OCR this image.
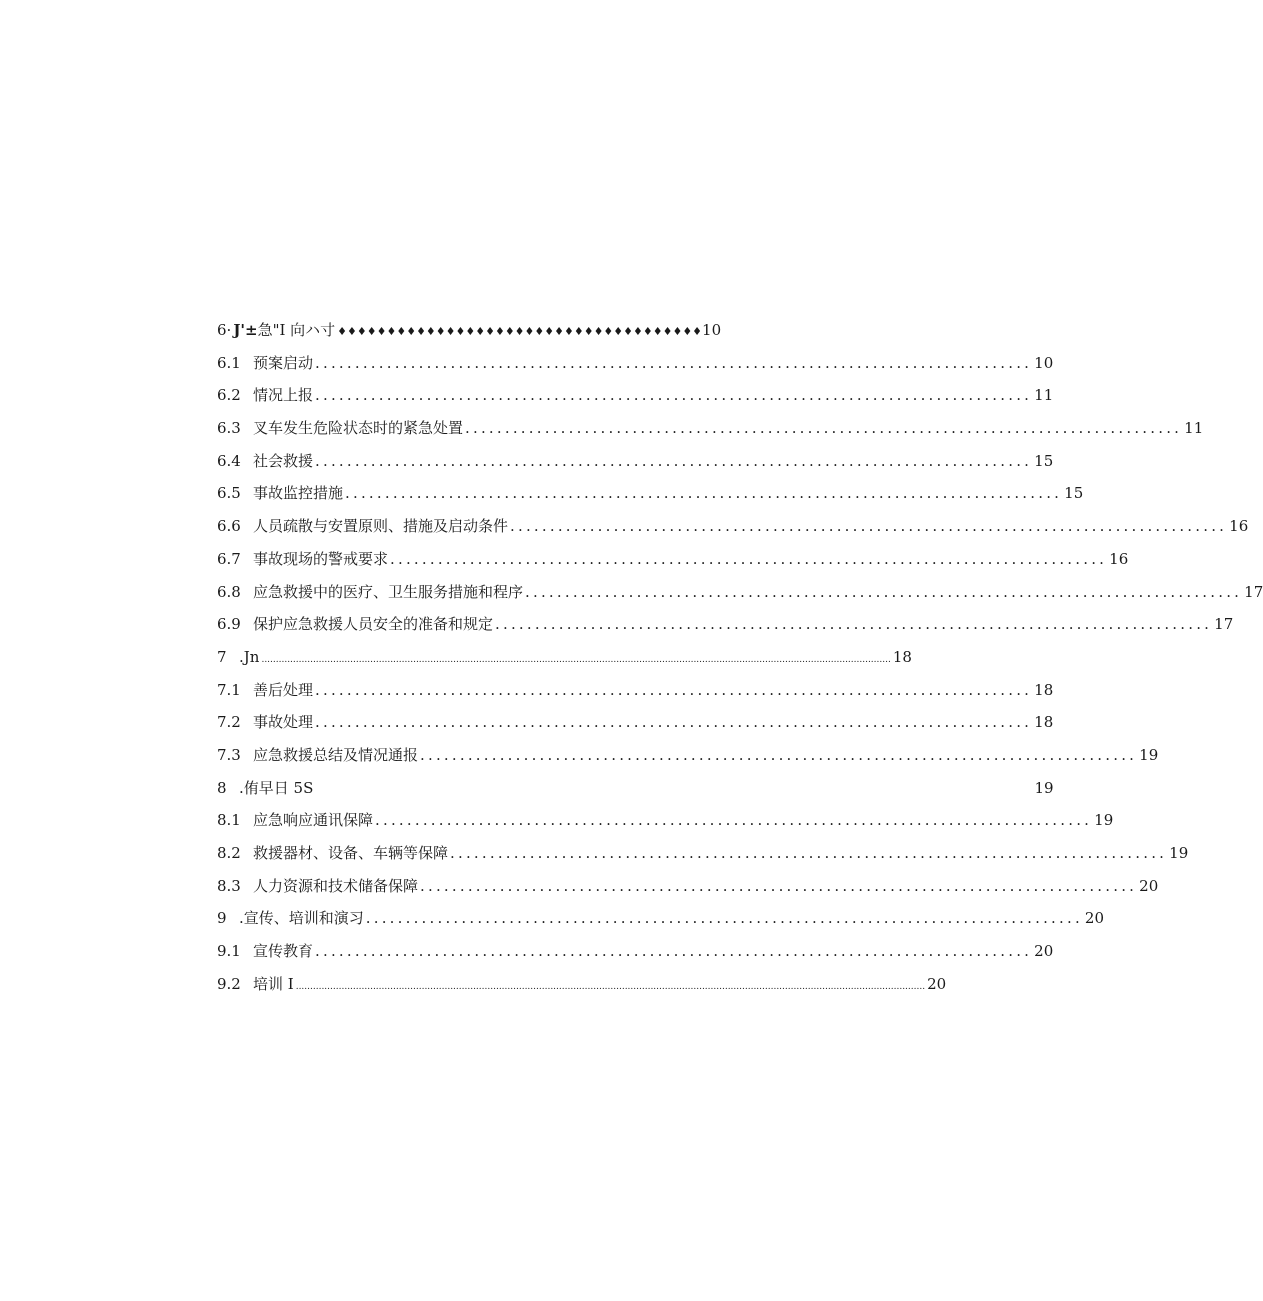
6· J'± 急"I 向ハ寸 ♦♦♦♦♦♦♦♦♦♦♦♦♦♦♦♦♦♦♦♦♦♦♦♦♦♦♦♦♦♦♦♦♦♦♦♦♦ 10
6.1 预案启动 .......................................................................................... 10
6.2 情况上报 .......................................................................................... 11
6.3 叉车发生危险状态时的紧急处置 .......................................................................................... 11
6.4 社会救援 .......................................................................................... 15
6.5 事故监控措施 .......................................................................................... 15
6.6 人员疏散与安置原则、措施及启动条件 .......................................................................................... 16
6.7 事故现场的警戒要求 .......................................................................................... 16
6.8 应急救援中的医疗、卫生服务措施和程序 .......................................................................................... 17
6.9 保护应急救援人员安全的准备和规定 .......................................................................................... 17
7 .Jn ............................................................................................................................................................................................................................ 18
7.1 善后处理 .......................................................................................... 18
7.2 事故处理 .......................................................................................... 18
7.3 应急救援总结及情况通报 .......................................................................................... 19
8 .侑早日 5S	19
8.1 应急响应通讯保障 .......................................................................................... 19
8.2 救援器材、设备、车辆等保障 .......................................................................................... 19
8.3 人力资源和技术储备保障 .......................................................................................... 20
9 .宣传、培训和演习 .......................................................................................... 20
9.1 宣传教育 .......................................................................................... 20
9.2 培训 I ............................................................................................................................................................................................................................ 20
